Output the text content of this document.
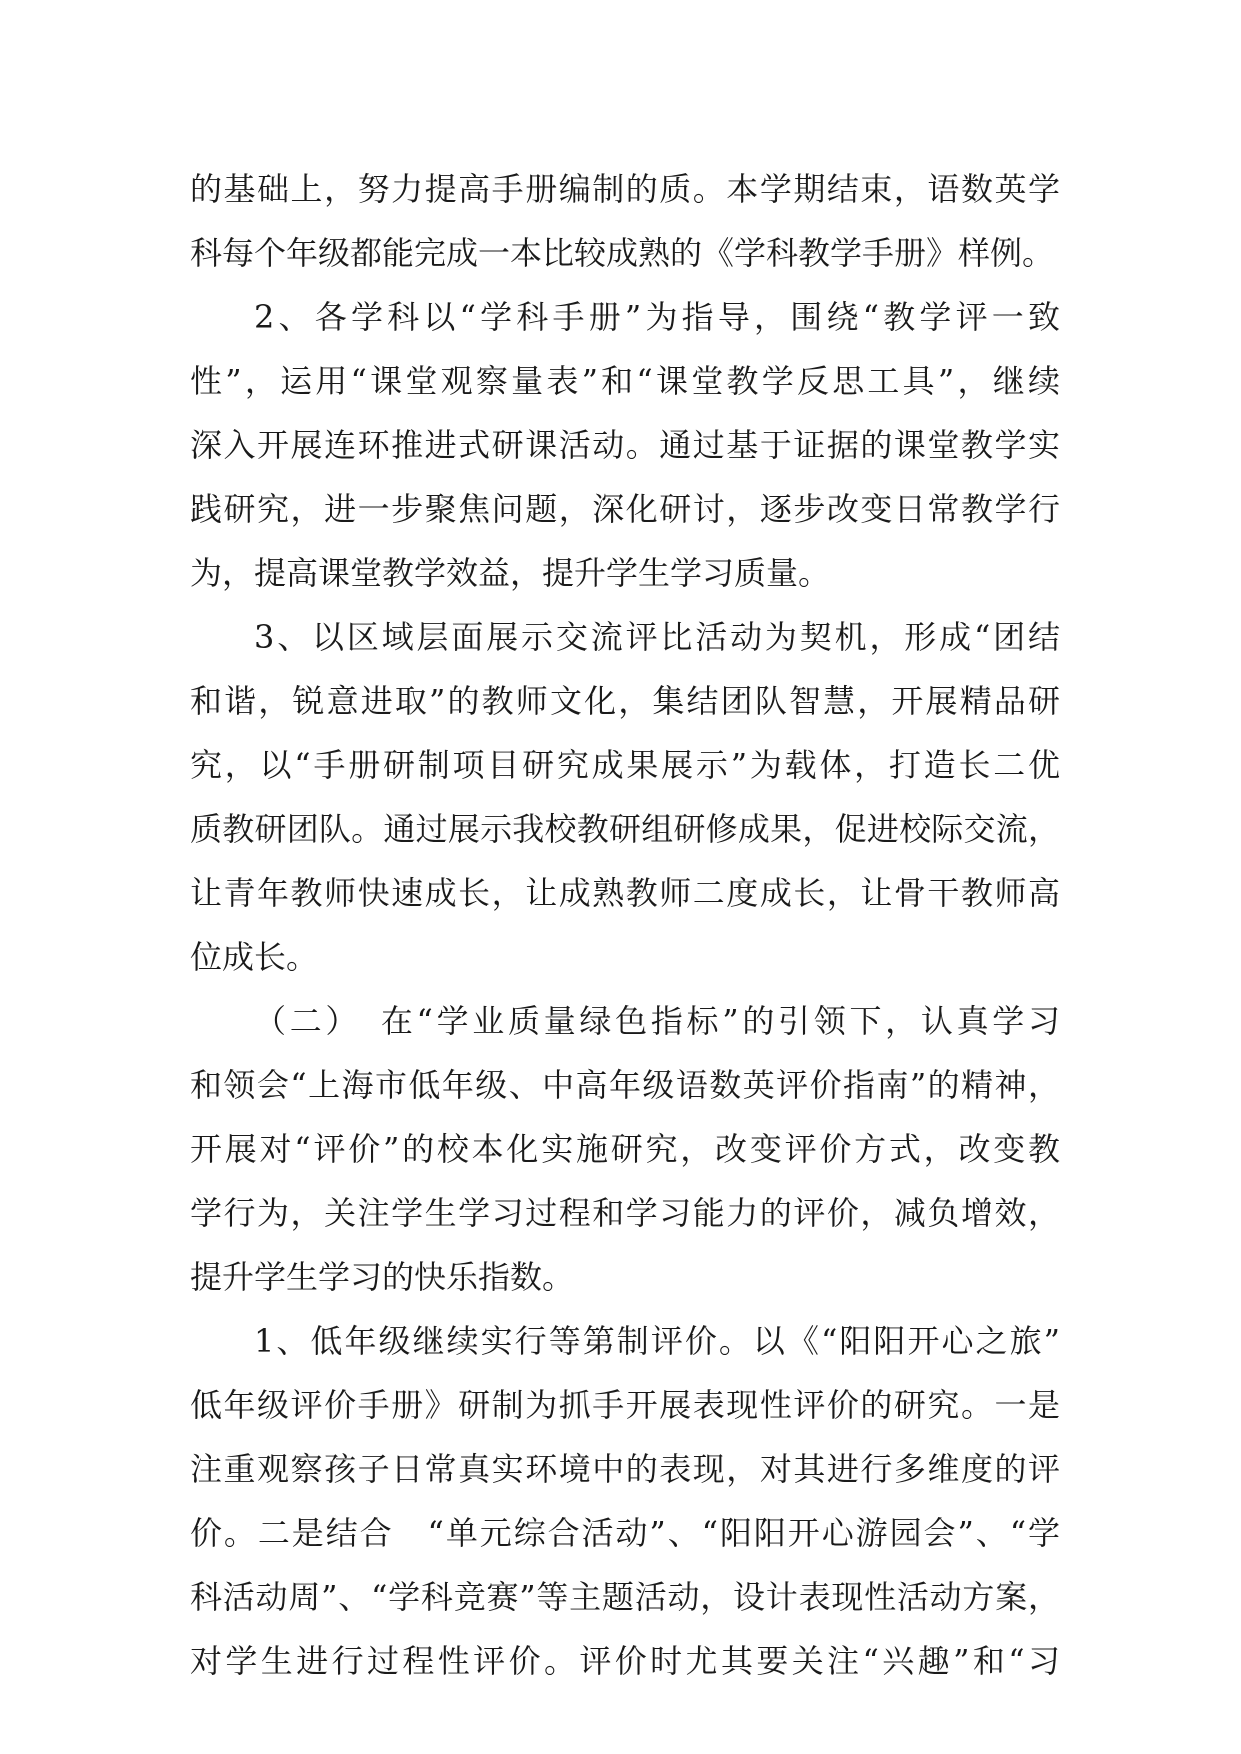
的基础上，努力提高手册编制的质。本学期结束，语数英学
科每个年级都能完成一本比较成熟的《学科教学手册》样例。
2、各学科以“学科手册”为指导，围绕“教学评一致
性”，运用“课堂观察量表”和“课堂教学反思工具”，继续
深入开展连环推进式研课活动。通过基于证据的课堂教学实
践研究，进一步聚焦问题，深化研讨，逐步改变日常教学行
为，提高课堂教学效益，提升学生学习质量。
3、以区域层面展示交流评比活动为契机，形成“团结
和谐，锐意进取”的教师文化，集结团队智慧，开展精品研
究，以“手册研制项目研究成果展示”为载体，打造长二优
质教研团队。通过展示我校教研组研修成果，促进校际交流，
让青年教师快速成长，让成熟教师二度成长，让骨干教师高
位成长。
（二）　在“学业质量绿色指标”的引领下，认真学习
和领会“上海市低年级、中高年级语数英评价指南”的精神，
开展对“评价”的校本化实施研究，改变评价方式，改变教
学行为，关注学生学习过程和学习能力的评价，减负增效，
提升学生学习的快乐指数。
1、低年级继续实行等第制评价。以《“阳阳开心之旅”
低年级评价手册》研制为抓手开展表现性评价的研究。一是
注重观察孩子日常真实环境中的表现，对其进行多维度的评
价。二是结合　“单元综合活动”、“阳阳开心游园会”、“学
科活动周”、“学科竞赛”等主题活动，设计表现性活动方案，
对学生进行过程性评价。评价时尤其要关注“兴趣”和“习
